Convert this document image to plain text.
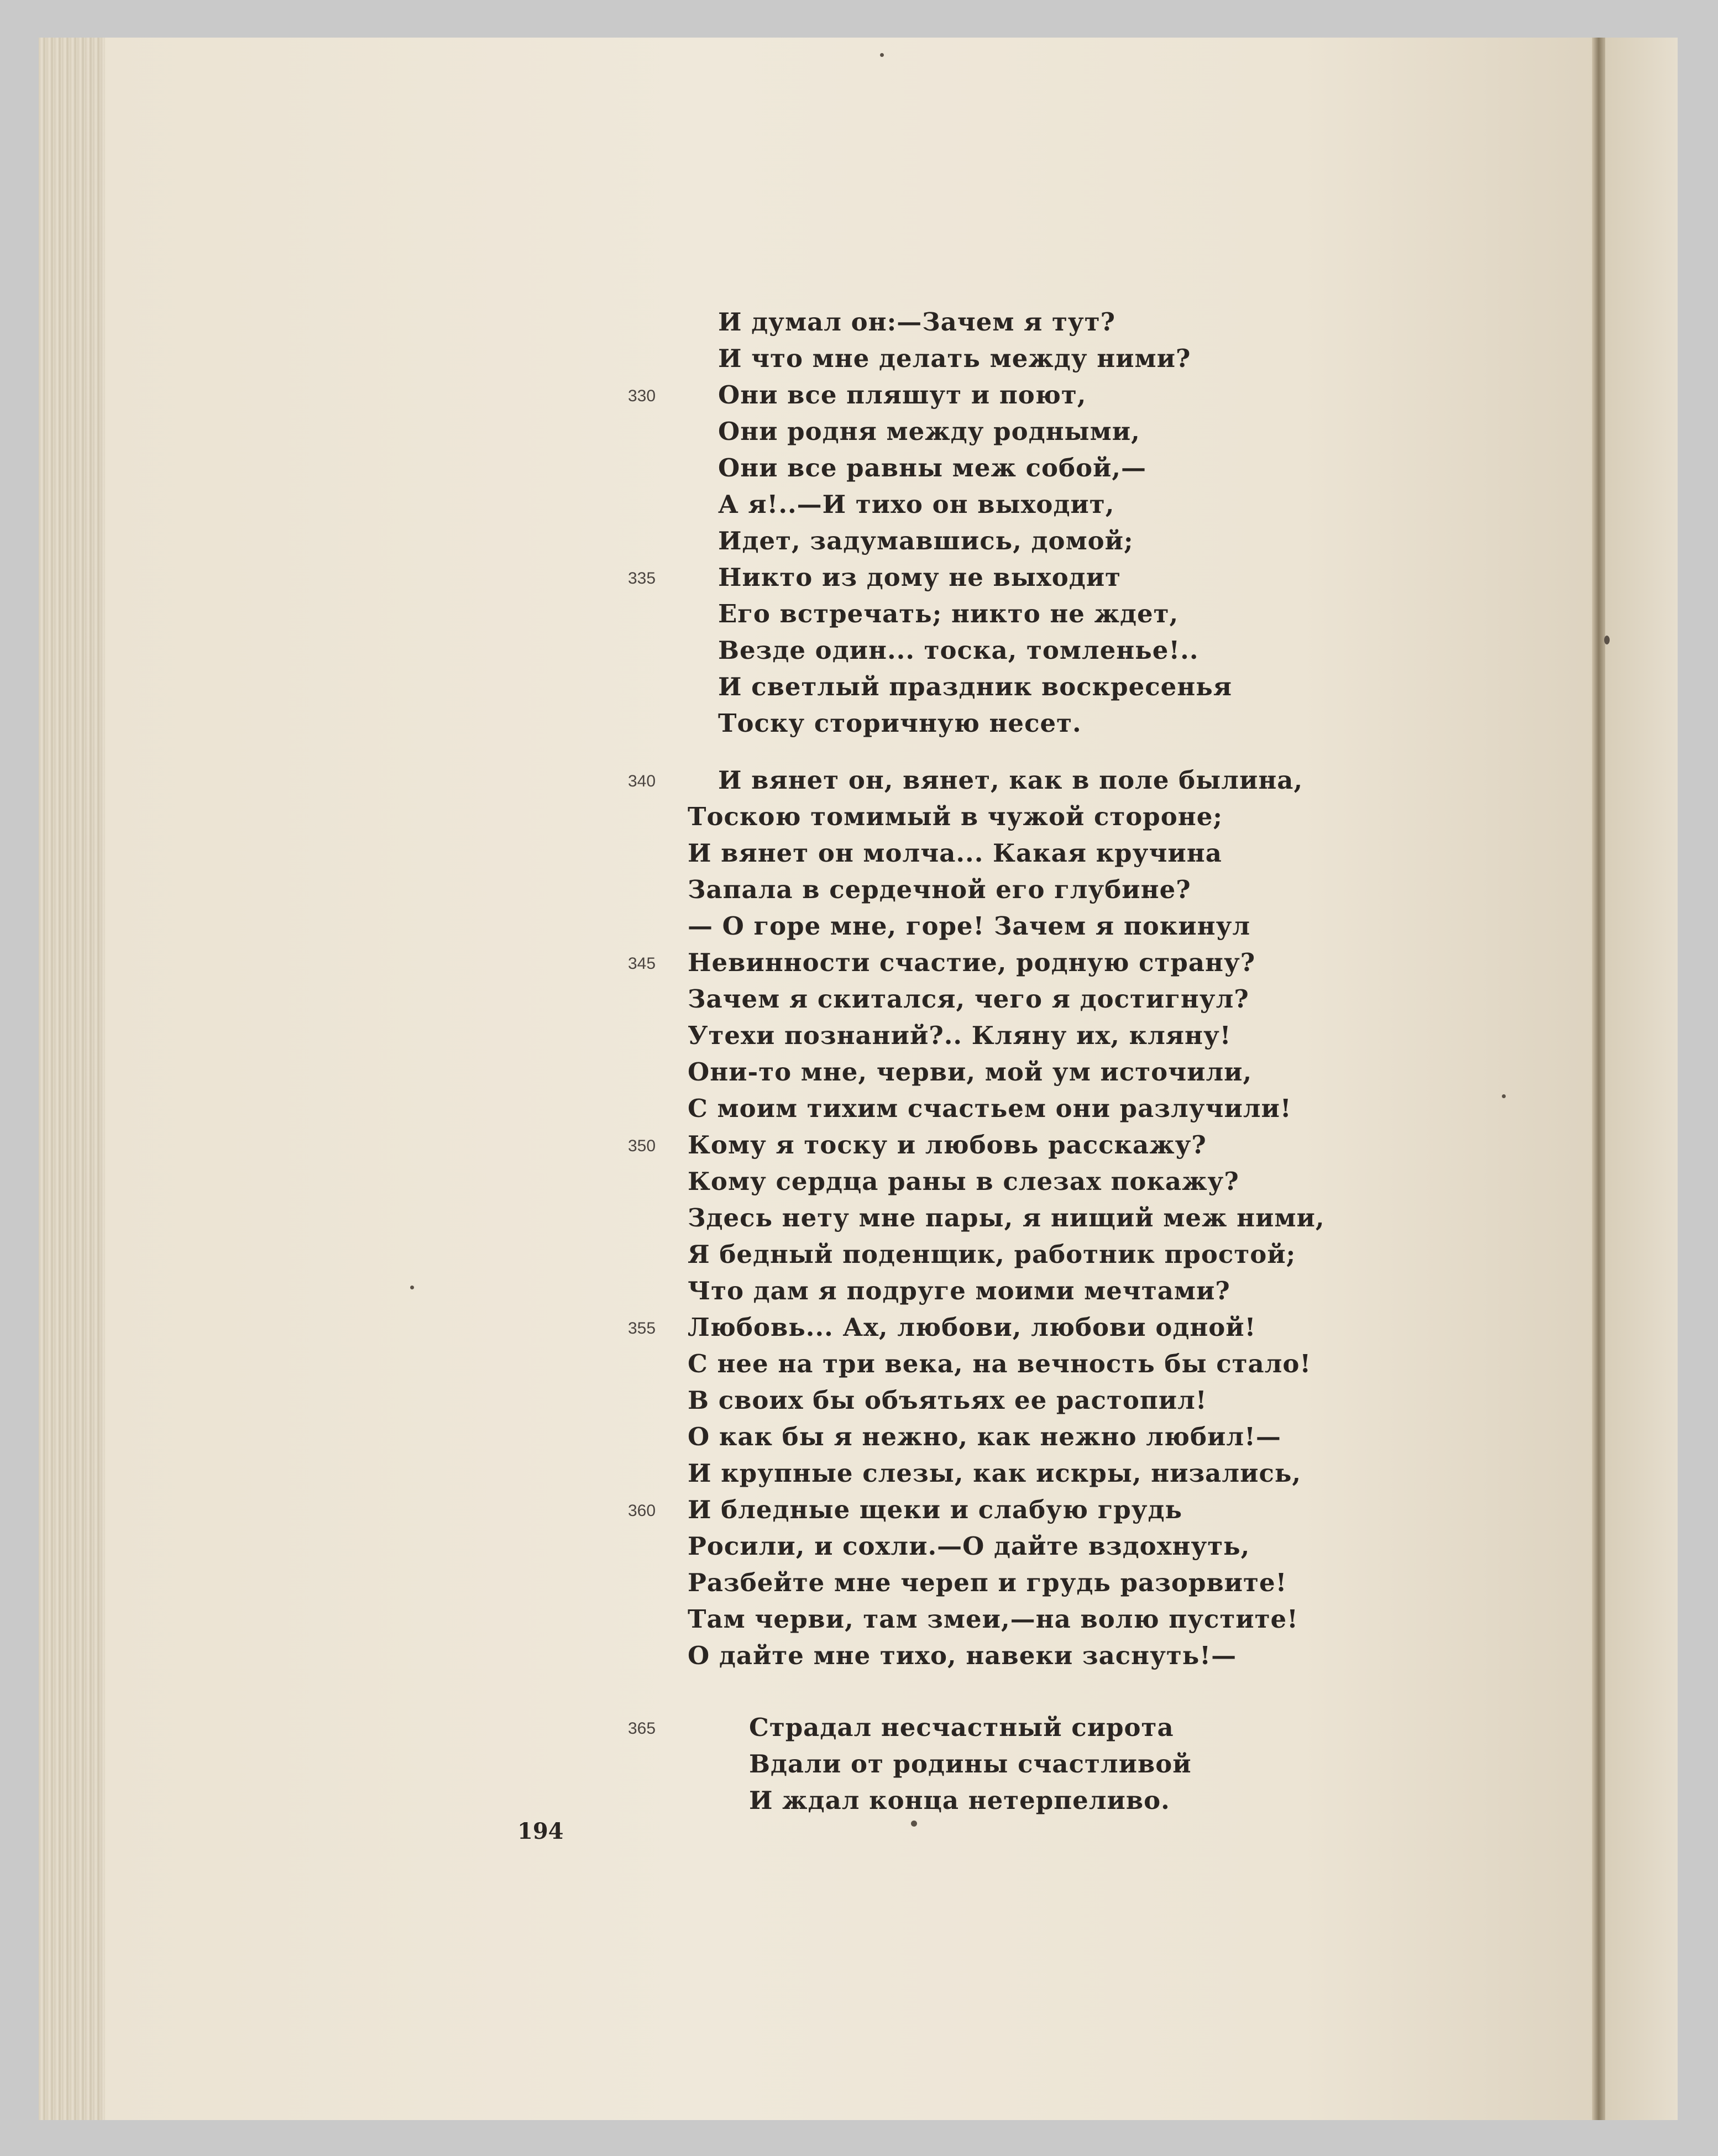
И думал он:—Зачем я тут?
И что мне делать между ними?
Они все пляшут и поют,
330
Они родня между родными,
Они все равны меж собой,—
А я!..—И тихо он выходит,
Идет, задумавшись, домой;
Никто из дому не выходит
335
Его встречать; никто не ждет,
Везде один... тоска, томленье!..
И светлый праздник воскресенья
Тоску сторичную несет.
И вянет он, вянет, как в поле былина,
340
Тоскою томимый в чужой стороне;
И вянет он молча... Какая кручина
Запала в сердечной его глубине?
— О горе мне, горе! Зачем я покинул
Невинности счастие, родную страну?
345
Зачем я скитался, чего я достигнул?
Утехи познаний?.. Кляну их, кляну!
Они-то мне, черви, мой ум источили,
С моим тихим счастьем они разлучили!
Кому я тоску и любовь расскажу?
350
Кому сердца раны в слезах покажу?
Здесь нету мне пары, я нищий меж ними,
Я бедный поденщик, работник простой;
Что дам я подруге моими мечтами?
Любовь... Ах, любови, любови одной!
355
С нее на три века, на вечность бы стало!
В своих бы объятьях ее растопил!
О как бы я нежно, как нежно любил!—
И крупные слезы, как искры, низались,
И бледные щеки и слабую грудь
360
Росили, и сохли.—О дайте вздохнуть,
Разбейте мне череп и грудь разорвите!
Там черви, там змеи,—на волю пустите!
О дайте мне тихо, навеки заснуть!—
Страдал несчастный сирота
365
Вдали от родины счастливой
И ждал конца нетерпеливо.
194
